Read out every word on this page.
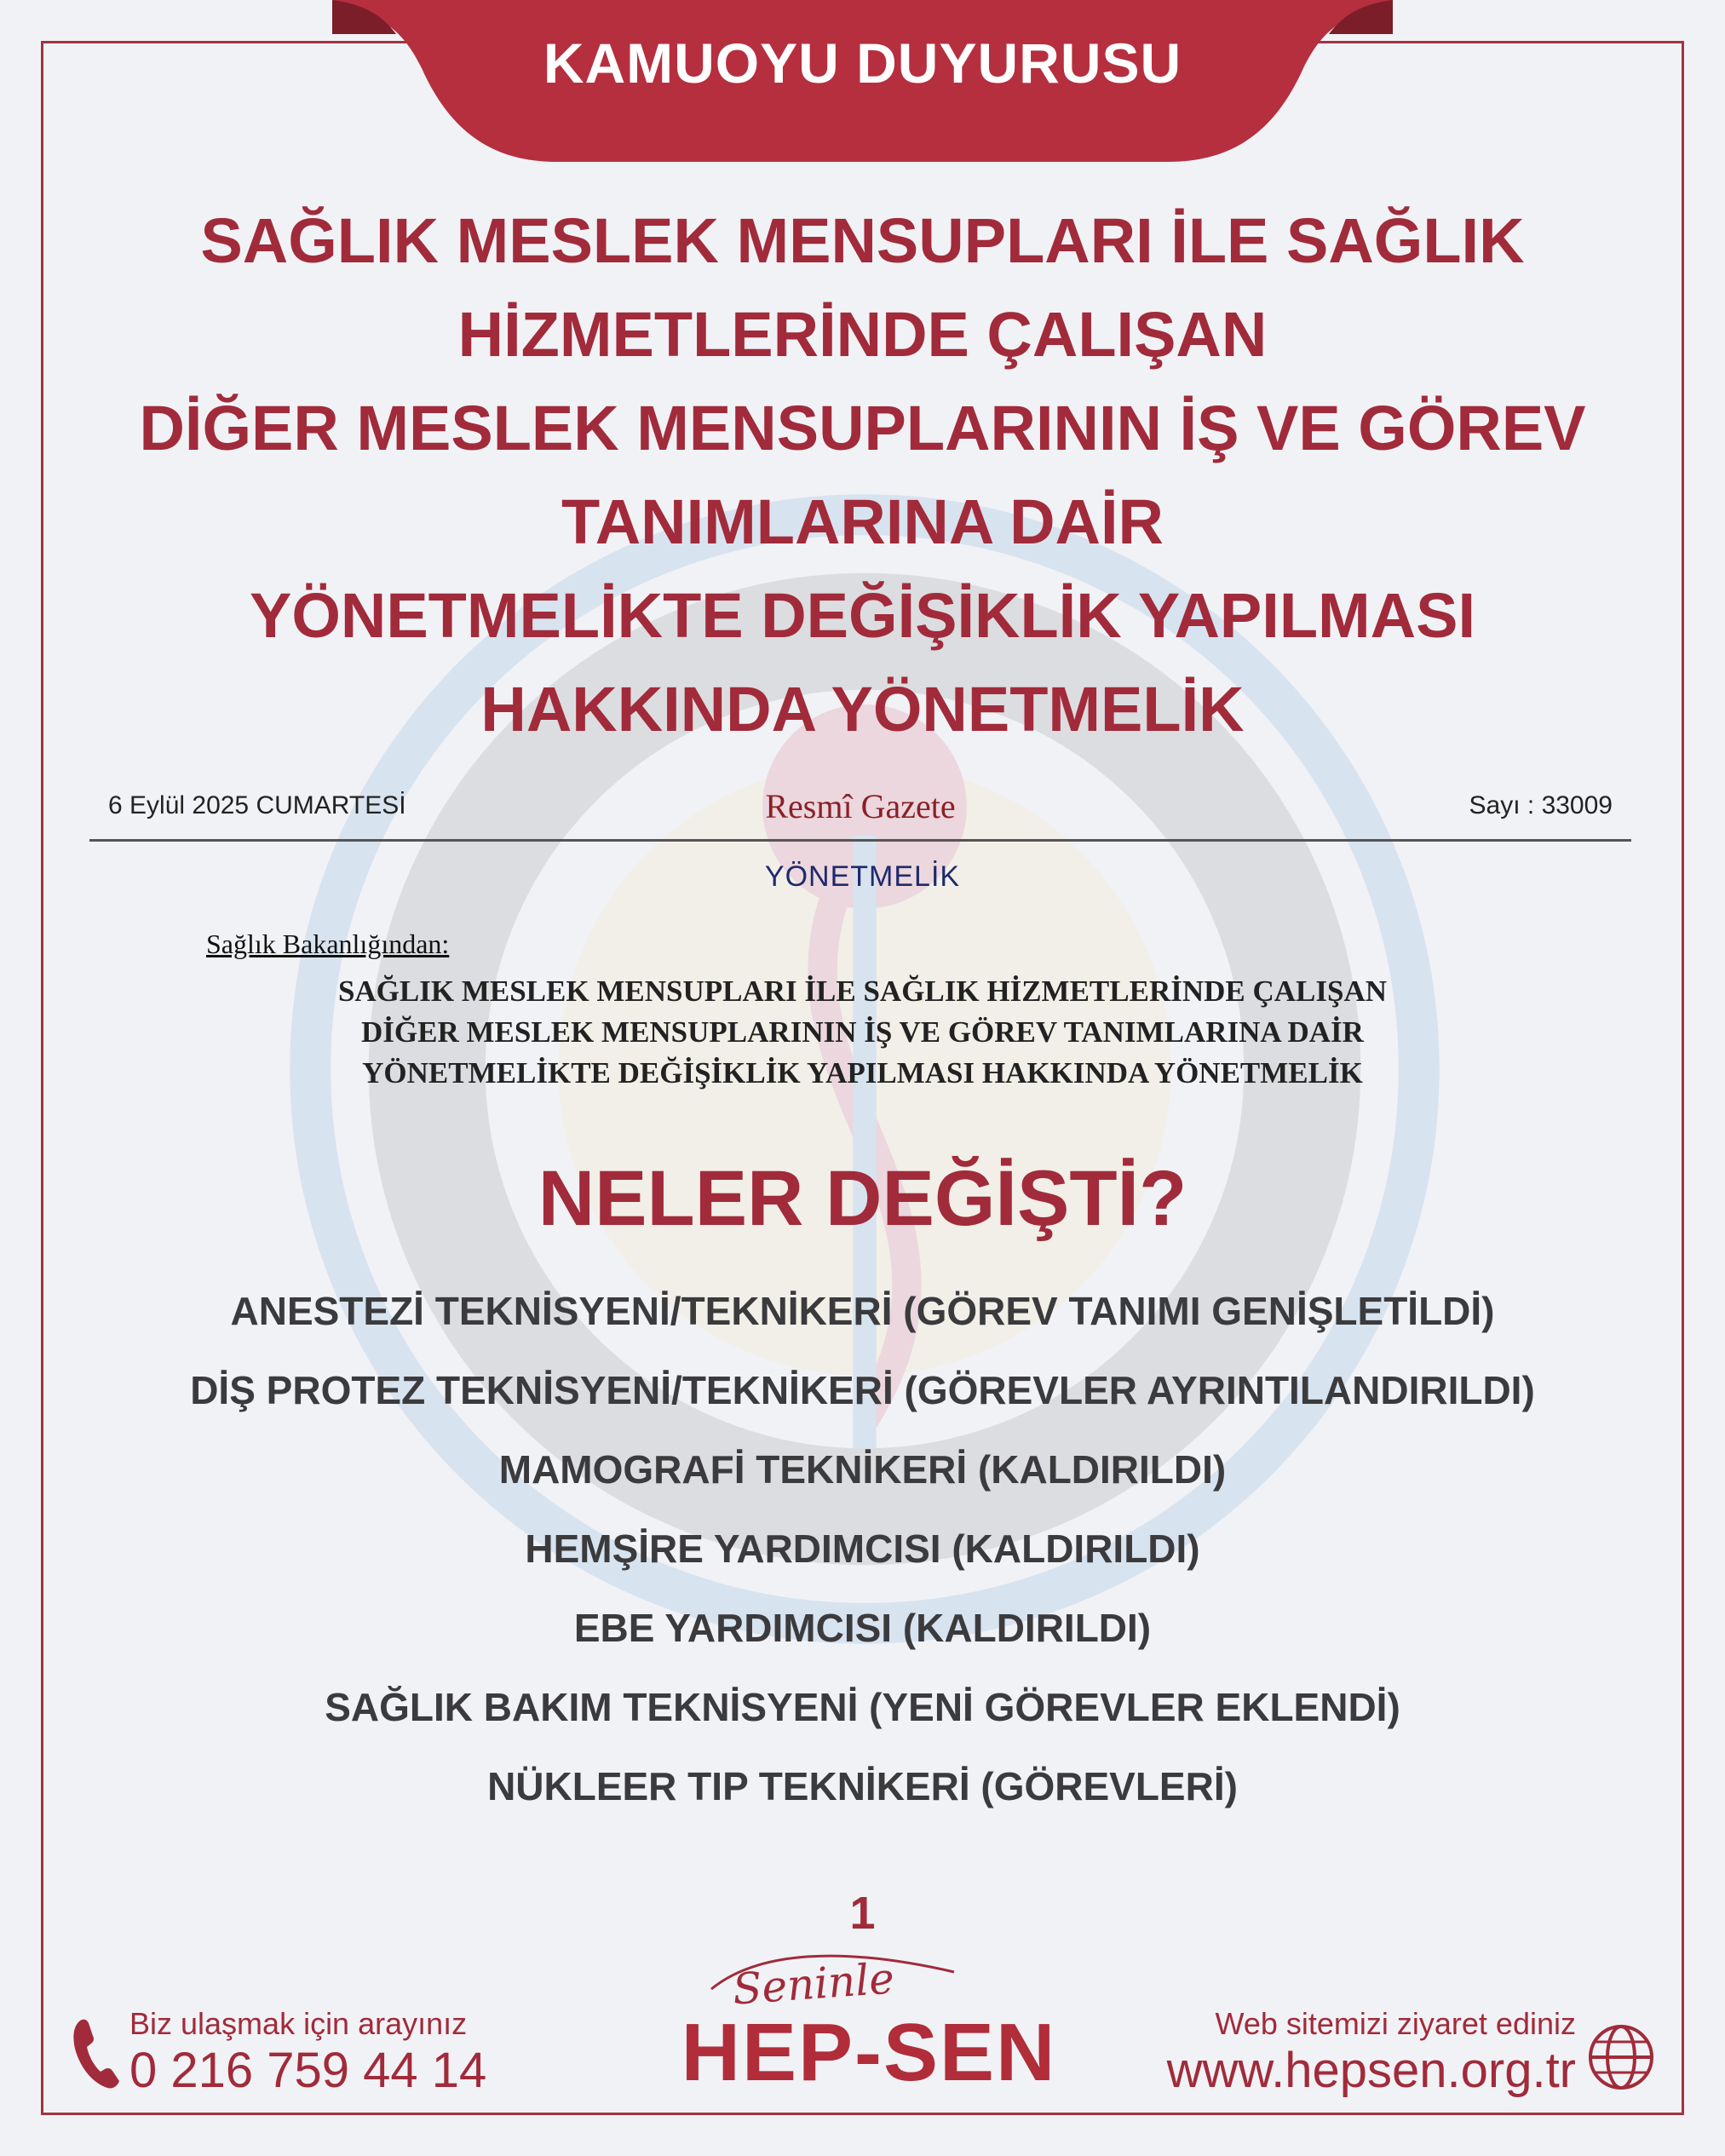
KAMUOYU DUYURUSU
SAĞLIK MESLEK MENSUPLARI İLE SAĞLIK
HİZMETLERİNDE ÇALIŞAN
DİĞER MESLEK MENSUPLARININ İŞ VE GÖREV
TANIMLARINA DAİR
YÖNETMELİKTE DEĞİŞİKLİK YAPILMASI
HAKKINDA YÖNETMELİK
6 Eylül 2025 CUMARTESİ	Resmî Gazete	Sayı : 33009
YÖNETMELİK
Sağlık Bakanlığından:
SAĞLIK MESLEK MENSUPLARI İLE SAĞLIK HİZMETLERİNDE ÇALIŞAN
DİĞER MESLEK MENSUPLARININ İŞ VE GÖREV TANIMLARINA DAİR
YÖNETMELİKTE DEĞİŞİKLİK YAPILMASI HAKKINDA YÖNETMELİK
NELER DEĞİŞTİ?
ANESTEZİ TEKNİSYENİ/TEKNİKERİ (GÖREV TANIMI GENİŞLETİLDİ)
DİŞ PROTEZ TEKNİSYENİ/TEKNİKERİ (GÖREVLER AYRINTILANDIRILDI)
MAMOGRAFİ TEKNİKERİ (KALDIRILDI)
HEMŞİRE YARDIMCISI (KALDIRILDI)
EBE YARDIMCISI (KALDIRILDI)
SAĞLIK BAKIM TEKNİSYENİ (YENİ GÖREVLER EKLENDİ)
NÜKLEER TIP TEKNİKERİ (GÖREVLERİ)
1
Biz ulaşmak için arayınız
0 216 759 44 14
Seninle
HEP-SEN	Web sitemizi ziyaret ediniz
www.hepsen.org.tr
